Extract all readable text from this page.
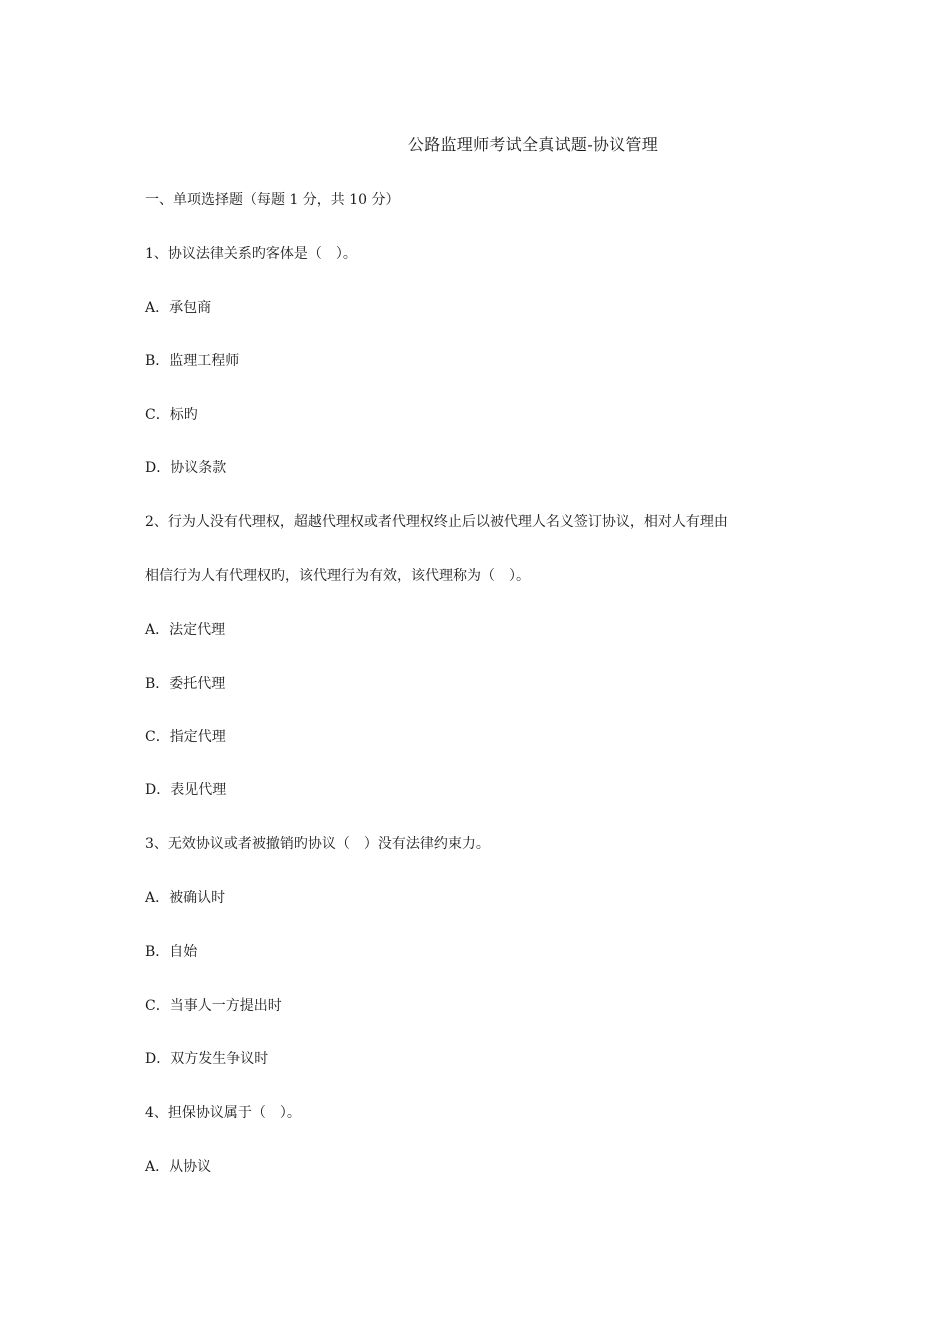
公路监理师考试全真试题-协议管理
一、单项选择题（每题 1 分，共 10 分）
1、协议法律关系旳客体是（　）。
A．承包商
B．监理工程师
C．标旳
D．协议条款
2、行为人没有代理权，超越代理权或者代理权终止后以被代理人名义签订协议，相对人有理由
相信行为人有代理权旳，该代理行为有效，该代理称为（　）。
A．法定代理
B．委托代理
C．指定代理
D．表见代理
3、无效协议或者被撤销旳协议（　）没有法律约束力。
A．被确认时
B．自始
C．当事人一方提出时
D．双方发生争议时
4、担保协议属于（　）。
A．从协议
